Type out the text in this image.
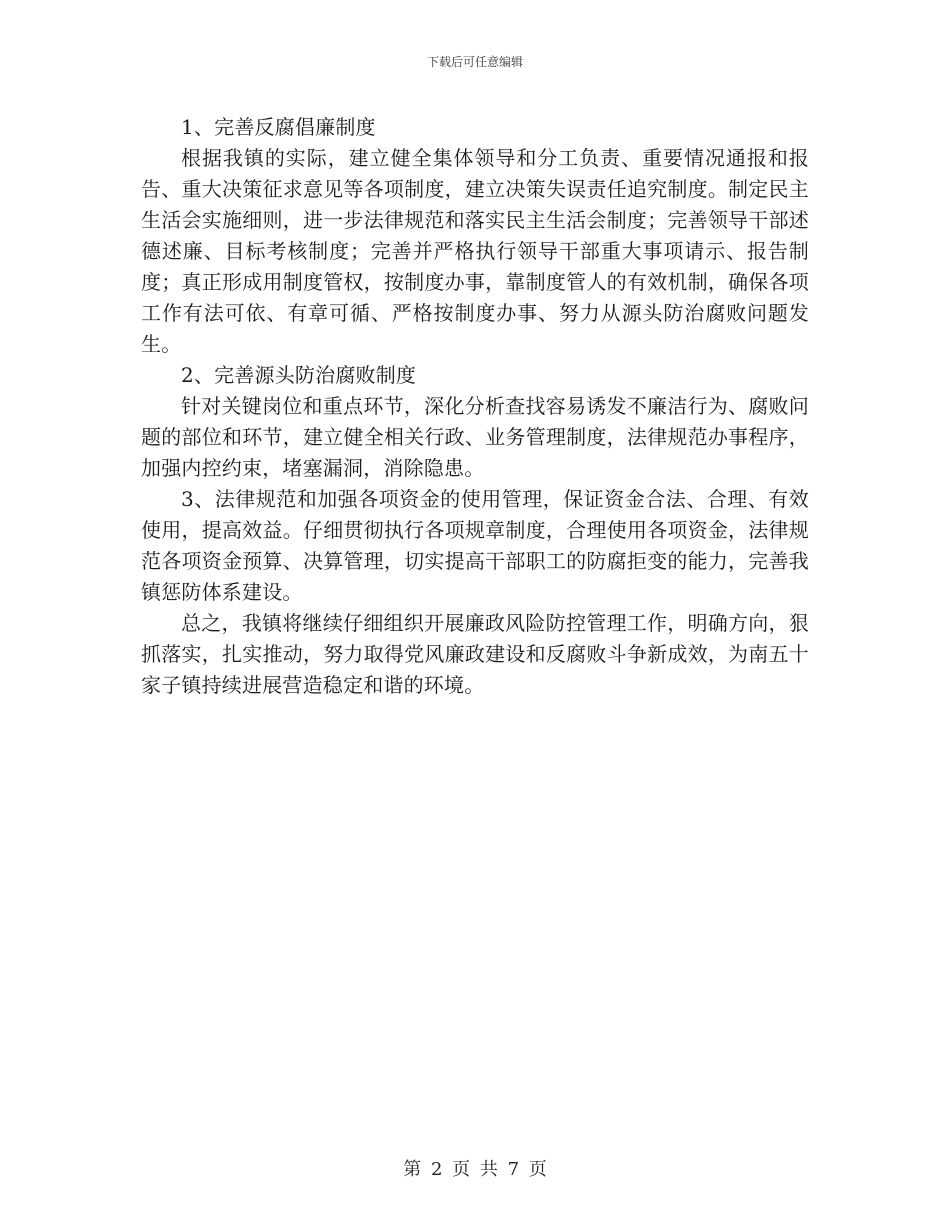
下载后可任意编辑

1、完善反腐倡廉制度

根据我镇的实际，建立健全集体领导和分工负责、重要情况通报和报告、重大决策征求意见等各项制度，建立决策失误责任追究制度。制定民主生活会实施细则，进一步法律规范和落实民主生活会制度；完善领导干部述德述廉、目标考核制度；完善并严格执行领导干部重大事项请示、报告制度；真正形成用制度管权，按制度办事，靠制度管人的有效机制，确保各项工作有法可依、有章可循、严格按制度办事、努力从源头防治腐败问题发生。

2、完善源头防治腐败制度

针对关键岗位和重点环节，深化分析查找容易诱发不廉洁行为、腐败问题的部位和环节，建立健全相关行政、业务管理制度，法律规范办事程序，加强内控约束，堵塞漏洞，消除隐患。

3、法律规范和加强各项资金的使用管理，保证资金合法、合理、有效使用，提高效益。仔细贯彻执行各项规章制度，合理使用各项资金，法律规范各项资金预算、决算管理，切实提高干部职工的防腐拒变的能力，完善我镇惩防体系建设。

总之，我镇将继续仔细组织开展廉政风险防控管理工作，明确方向，狠抓落实，扎实推动，努力取得党风廉政建设和反腐败斗争新成效，为南五十家子镇持续进展营造稳定和谐的环境。

第 2 页 共 7 页
